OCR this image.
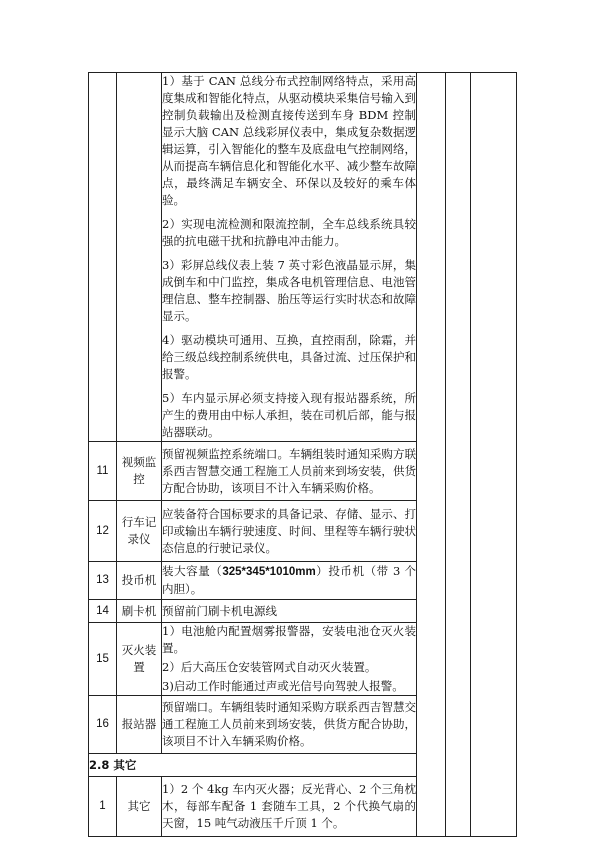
		1）基于 CAN 总线分布式控制网络特点，采用高度集成和智能化特点，从驱动模块采集信号输入到控制负载输出及检测直接传送到车身 BDM 控制显示大脑 CAN 总线彩屏仪表中，集成复杂数据逻辑运算，引入智能化的整车及底盘电气控制网络，从而提高车辆信息化和智能化水平、减少整车故障点，最终满足车辆安全、环保以及较好的乘车体验。

2）实现电流检测和限流控制，全车总线系统具较强的抗电磁干扰和抗静电冲击能力。

3）彩屏总线仪表上装 7 英寸彩色液晶显示屏，集成倒车和中门监控，集成各电机管理信息、电池管理信息、整车控制器、胎压等运行实时状态和故障显示。

4）驱动模块可通用、互换，直控雨刮，除霜，并给三级总线控制系统供电，具备过流、过压保护和报警。

5）车内显示屏必须支持接入现有报站器系统，所产生的费用由中标人承担，装在司机后部，能与报站器联动。			

11	视频监控	预留视频监控系统端口。车辆组装时通知采购方联系西吉智慧交通工程施工人员前来到场安装，供货方配合协助，该项目不计入车辆采购价格。			
12	行车记录仪	应装备符合国标要求的具备记录、存储、显示、打印或输出车辆行驶速度、时间、里程等车辆行驶状态信息的行驶记录仪。			
13	投币机	装大容量（325*345*1010mm）投币机（带 3 个内胆）。			
14	刷卡机	预留前门刷卡机电源线			
15	灭火装置	1）电池舱内配置烟雾报警器，安装电池仓灭火装置。

2）后大高压仓安装管网式自动灭火装置。

3)启动工作时能通过声或光信号向驾驶人报警。			

16	报站器	预留端口。车辆组装时通知采购方联系西吉智慧交通工程施工人员前来到场安装，供货方配合协助，该项目不计入车辆采购价格。			
2.8 其它					
1	其它	1）2 个 4kg 车内灭火器；反光背心、2 个三角枕木，每部车配备 1 套随车工具，2 个代换气扇的天窗，15 吨气动液压千斤顶 1 个。			
